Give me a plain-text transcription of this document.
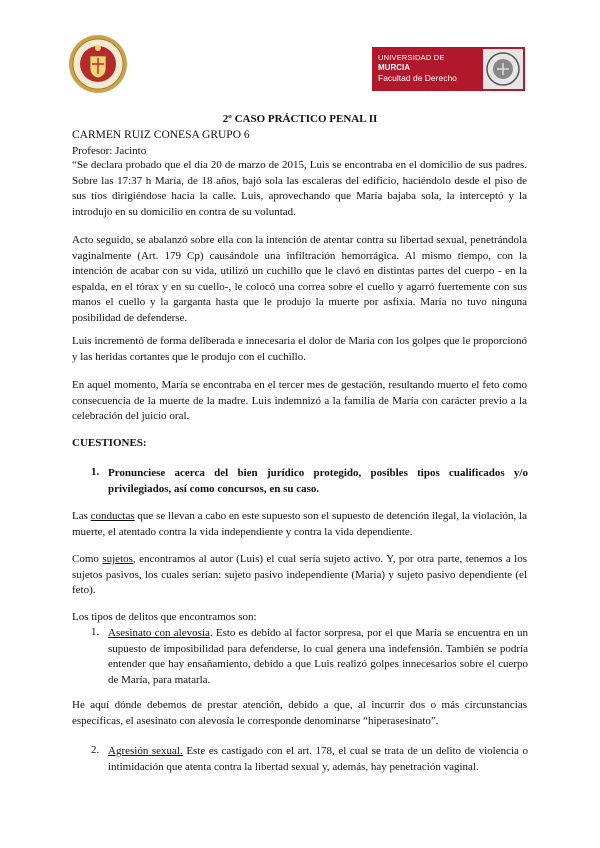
UNIVERSIDAD DE
MURCIA
Facultad de Derecho
2º CASO PRÁCTICO PENAL II
CARMEN RUIZ CONESA GRUPO 6
Profesor: Jacinto
“Se declara probado que el día 20 de marzo de 2015, Luis se encontraba en el domicilio de sus padres. Sobre las 17:37 h María, de 18 años, bajó sola las escaleras del edificio, haciéndolo desde el piso de sus tíos dirigiéndose hacia la calle. Luis, aprovechando que María bajaba sola, la interceptó y la introdujo en su domicilio en contra de su voluntad.
Acto seguido, se abalanzó sobre ella con la intención de atentar contra su libertad sexual, penetrándola vaginalmente (Art. 179 Cp) causándole una infiltración hemorrágica. Al mismo tiempo, con la intención de acabar con su vida, utilizó un cuchillo que le clavó en distintas partes del cuerpo - en la espalda, en el tórax y en su cuello-, le colocó una correa sobre el cuello y agarró fuertemente con sus manos el cuello y la garganta hasta que le produjo la muerte por asfixia. María no tuvo ninguna posibilidad de defenderse.
Luis incrementó de forma deliberada e innecesaria el dolor de María con los golpes que le proporcionó y las heridas cortantes que le produjo con el cuchillo.
En aquel momento, María se encontraba en el tercer mes de gestación, resultando muerto el feto como consecuencia de la muerte de la madre. Luis indemnizó a la familia de María con carácter previo a la celebración del juicio oral.
CUESTIONES:
1. Pronunciese acerca del bien jurídico protegido, posibles tipos cualificados y/o privilegiados, así como concursos, en su caso.
Las conductas que se llevan a cabo en este supuesto son el supuesto de detención ilegal, la violación, la muerte, el atentado contra la vida independiente y contra la vida dependiente.
Como sujetos, encontramos al autor (Luis) el cual sería sujeto activo. Y, por otra parte, tenemos a los sujetos pasivos, los cuales serían: sujeto pasivo independiente (María) y sujeto pasivo dependiente (el feto).
Los tipos de delitos que encontramos son:
1. Asesinato con alevosía. Esto es debido al factor sorpresa, por el que María se encuentra en un supuesto de imposibilidad para defenderse, lo cual genera una indefensión. También se podría entender que hay ensañamiento, debido a que Luis realizó golpes innecesarios sobre el cuerpo de María, para matarla.
He aquí dónde debemos de prestar atención, debido a que, al incurrir dos o más circunstancias específicas, el asesinato con alevosía le corresponde denominarse “hiperasesinato”.
2. Agresión sexual. Este es castigado con el art. 178, el cual se trata de un delito de violencia o intimidación que atenta contra la libertad sexual y, además, hay penetración vaginal.
